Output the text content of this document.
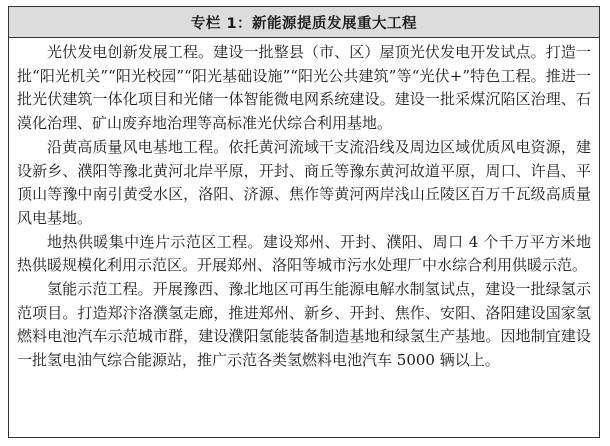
专栏 1：新能源提质发展重大工程

光伏发电创新发展工程。建设一批整县（市、区）屋顶光伏发电开发试点。打造一批“阳光机关”“阳光校园”“阳光基础设施”“阳光公共建筑”等“光伏+”特色工程。推进一批光伏建筑一体化项目和光储一体智能微电网系统建设。建设一批采煤沉陷区治理、石漠化治理、矿山废弃地治理等高标准光伏综合利用基地。

沿黄高质量风电基地工程。依托黄河流域干支流沿线及周边区域优质风电资源，建设新乡、濮阳等豫北黄河北岸平原，开封、商丘等豫东黄河故道平原，周口、许昌、平顶山等豫中南引黄受水区，洛阳、济源、焦作等黄河两岸浅山丘陵区百万千瓦级高质量风电基地。

地热供暖集中连片示范区工程。建设郑州、开封、濮阳、周口 4 个千万平方米地热供暖规模化利用示范区。开展郑州、洛阳等城市污水处理厂中水综合利用供暖示范。

氢能示范工程。开展豫西、豫北地区可再生能源电解水制氢试点，建设一批绿氢示范项目。打造郑汴洛濮氢走廊，推进郑州、新乡、开封、焦作、安阳、洛阳建设国家氢燃料电池汽车示范城市群，建设濮阳氢能装备制造基地和绿氢生产基地。因地制宜建设一批氢电油气综合能源站，推广示范各类氢燃料电池汽车 5000 辆以上。
